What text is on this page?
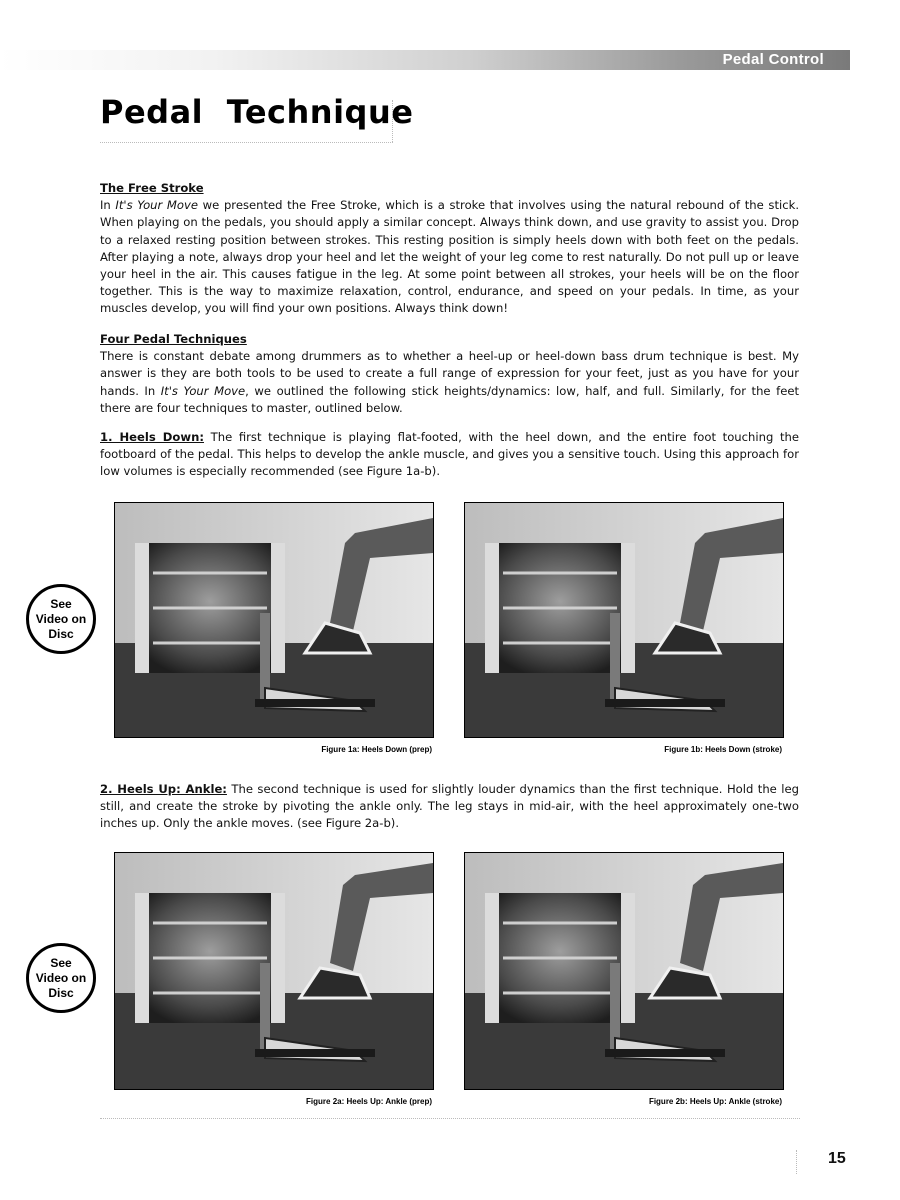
Pedal Control
Pedal Technique
The Free Stroke
In It's Your Move we presented the Free Stroke, which is a stroke that involves using the natural rebound of the stick. When playing on the pedals, you should apply a similar concept. Always think down, and use gravity to assist you. Drop to a relaxed resting position between strokes. This resting position is simply heels down with both feet on the pedals. After playing a note, always drop your heel and let the weight of your leg come to rest naturally. Do not pull up or leave your heel in the air. This causes fatigue in the leg. At some point between all strokes, your heels will be on the floor together. This is the way to maximize relaxation, control, endurance, and speed on your pedals. In time, as your muscles develop, you will find your own positions. Always think down!
Four Pedal Techniques
There is constant debate among drummers as to whether a heel-up or heel-down bass drum technique is best. My answer is they are both tools to be used to create a full range of expression for your feet, just as you have for your hands. In It's Your Move, we outlined the following stick heights/dynamics: low, half, and full. Similarly, for the feet there are four techniques to master, outlined below.
1. Heels Down: The first technique is playing flat-footed, with the heel down, and the entire foot touching the footboard of the pedal. This helps to develop the ankle muscle, and gives you a sensitive touch. Using this approach for low volumes is especially recommended (see Figure 1a-b).
2. Heels Up: Ankle: The second technique is used for slightly louder dynamics than the first technique. Hold the leg still, and create the stroke by pivoting the ankle only. The leg stays in mid-air, with the heel approximately one-two inches up. Only the ankle moves. (see Figure 2a-b).
See
Video on
Disc
See
Video on
Disc
Figure 1a: Heels Down (prep)	Figure 1b: Heels Down (stroke)
Figure 2a: Heels Up: Ankle (prep)	Figure 2b: Heels Up: Ankle (stroke)
15
